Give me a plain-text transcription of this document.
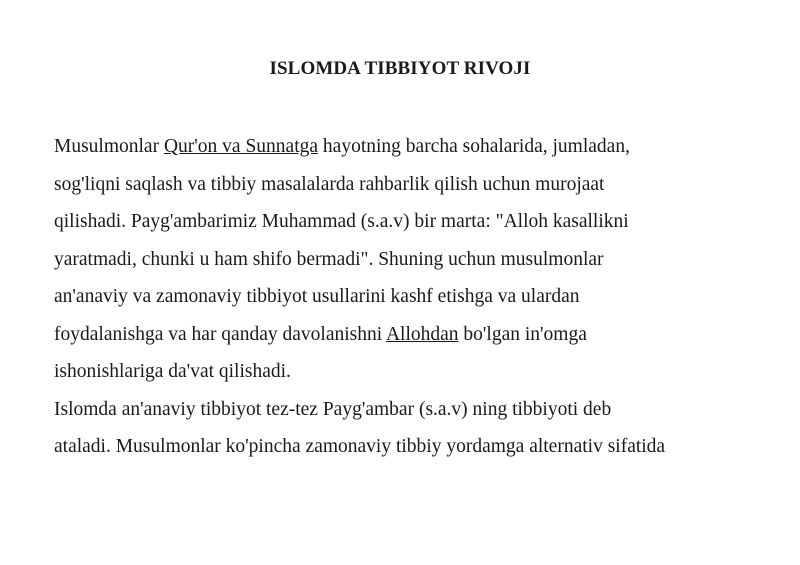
ISLOMDA TIBBIYOT RIVOJI
Musulmonlar Qur'on va Sunnatga hayotning barcha sohalarida, jumladan,
sog'liqni saqlash va tibbiy masalalarda rahbarlik qilish uchun murojaat
qilishadi. Payg'ambarimiz Muhammad (s.a.v) bir marta: "Alloh kasallikni
yaratmadi, chunki u ham shifo bermadi". Shuning uchun musulmonlar
an'anaviy va zamonaviy tibbiyot usullarini kashf etishga va ulardan
foydalanishga va har qanday davolanishni Allohdan bo'lgan in'omga
ishonishlariga da'vat qilishadi.
Islomda an'anaviy tibbiyot tez-tez Payg'ambar (s.a.v) ning tibbiyoti deb
ataladi. Musulmonlar ko'pincha zamonaviy tibbiy yordamga alternativ sifatida
